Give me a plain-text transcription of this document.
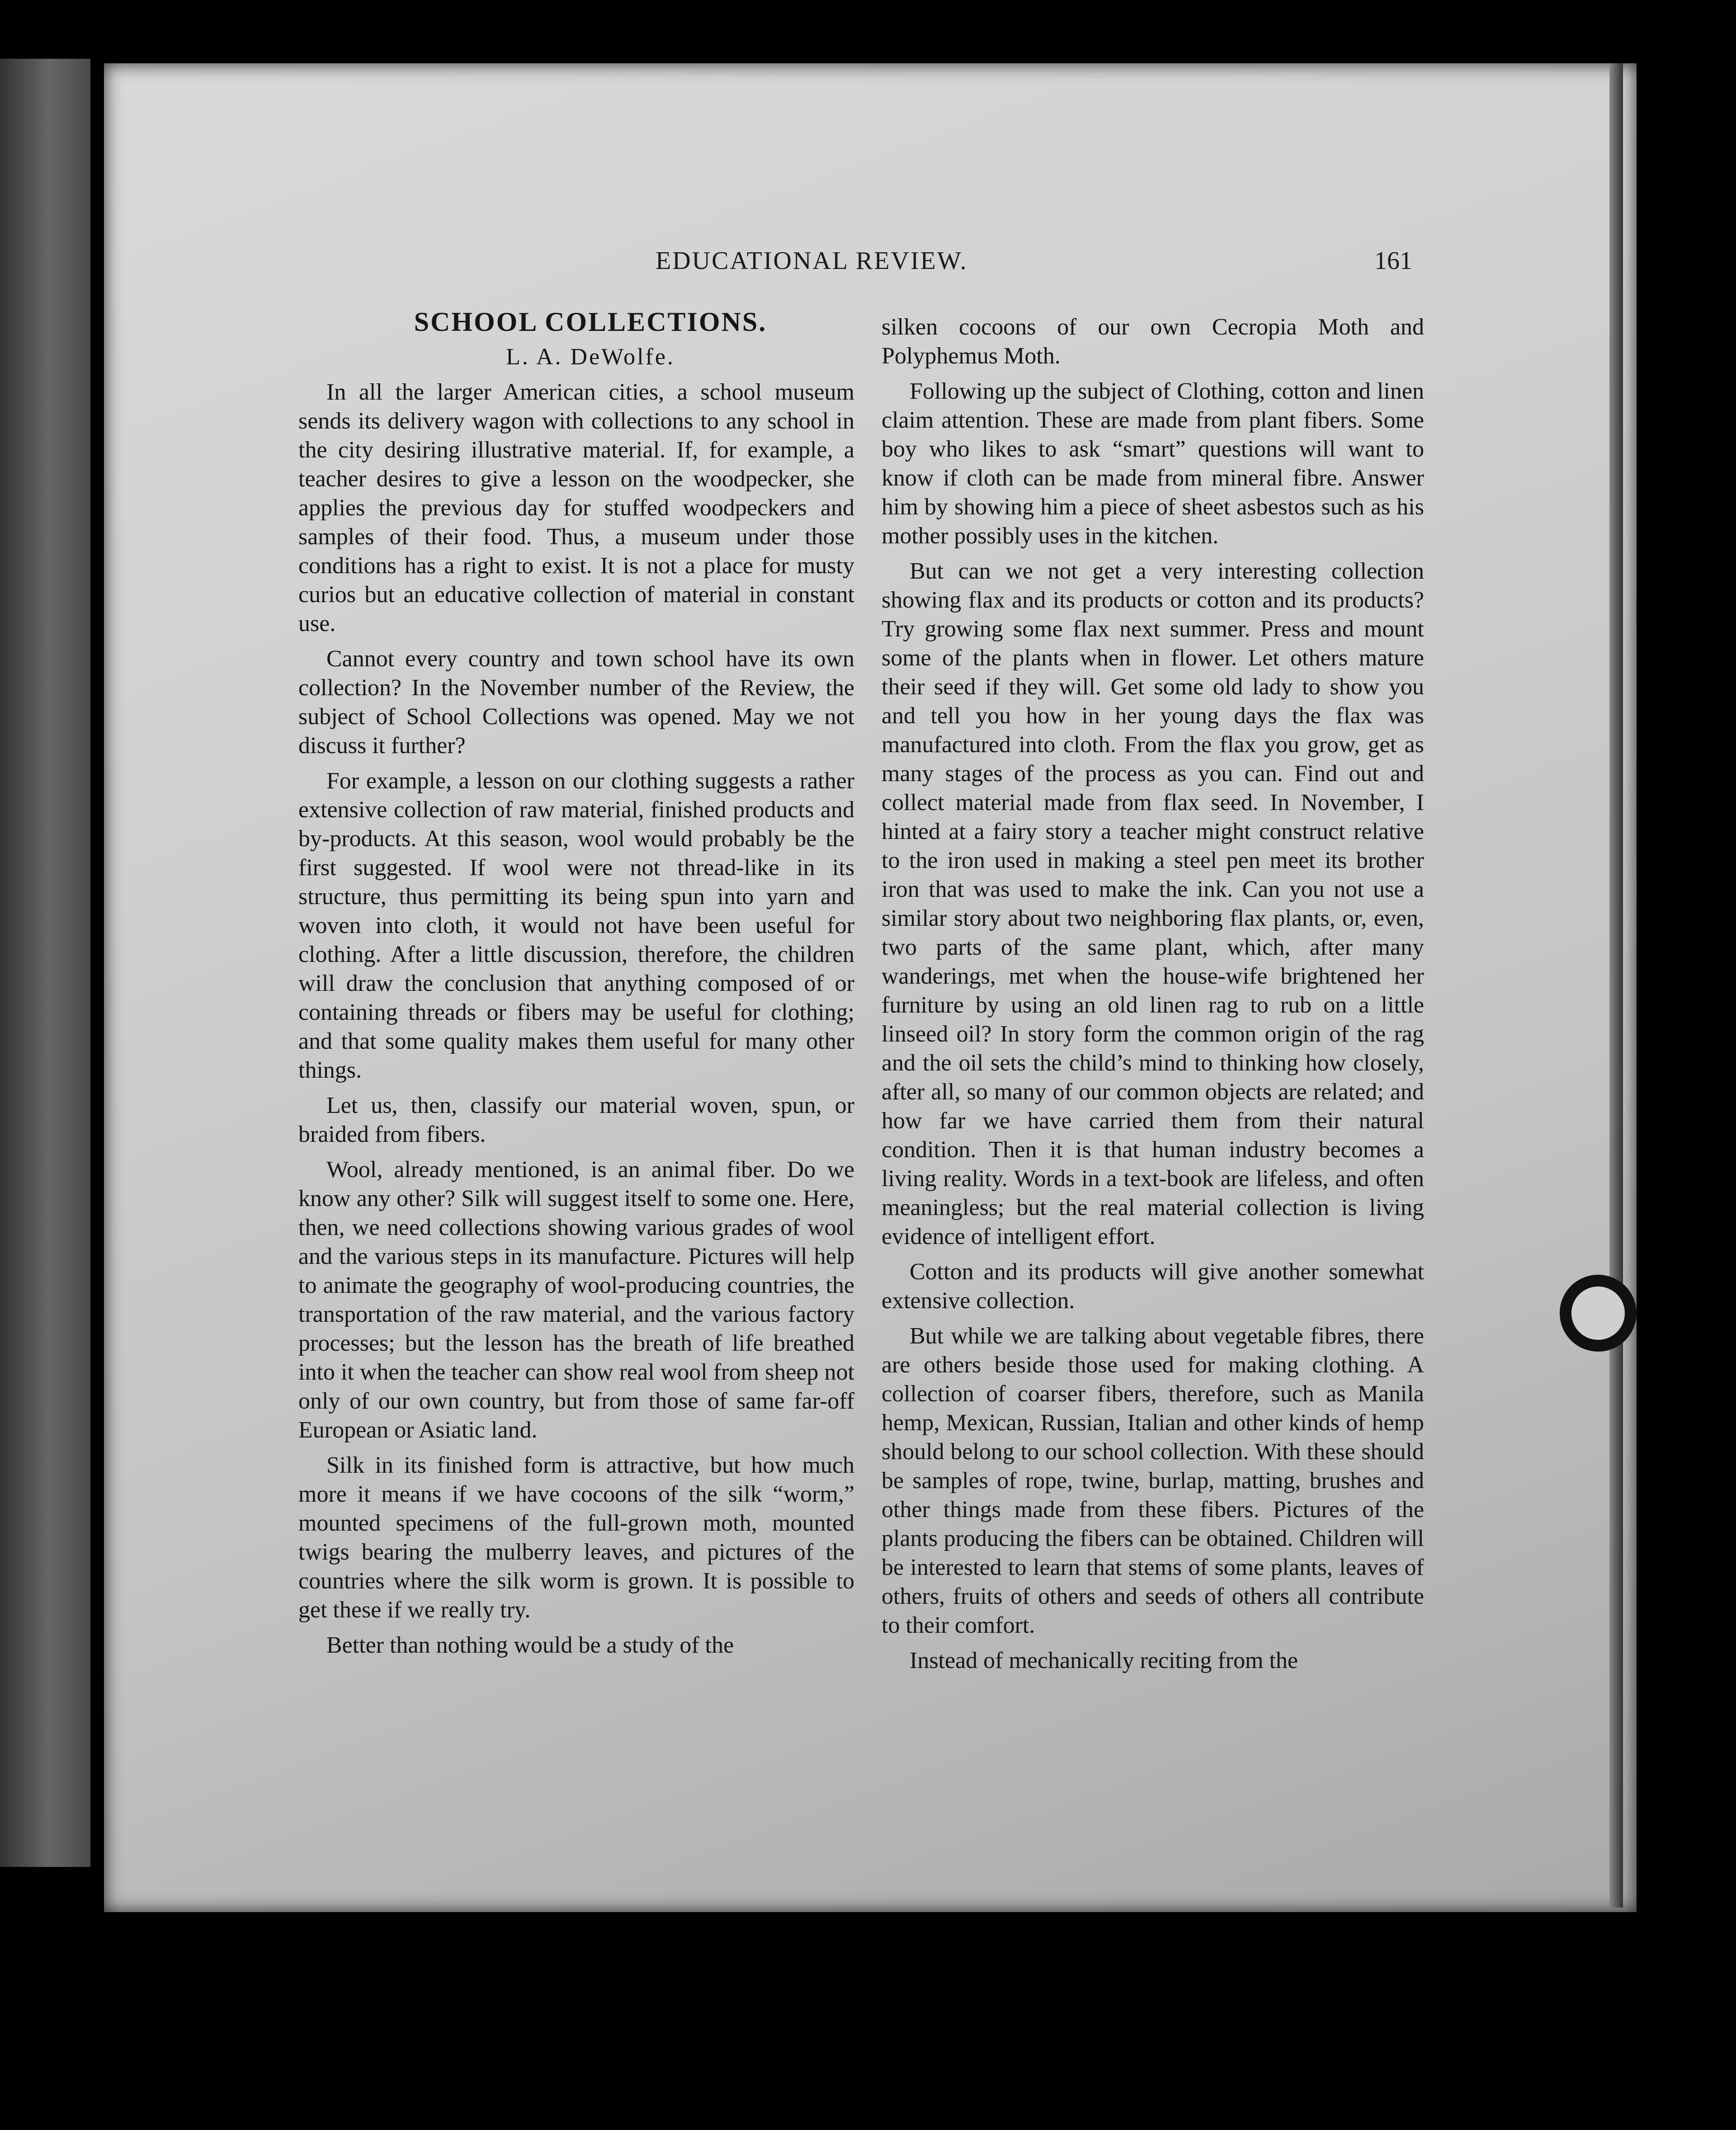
EDUCATIONAL REVIEW.	161

SCHOOL COLLECTIONS.

L. A. DeWolfe.

In all the larger American cities, a school museum sends its delivery wagon with collections to any school in the city desiring illustrative material. If, for example, a teacher desires to give a lesson on the woodpecker, she applies the previous day for stuffed woodpeckers and samples of their food. Thus, a museum under those conditions has a right to exist. It is not a place for musty curios but an educative collection of material in constant use.

Cannot every country and town school have its own collection? In the November number of the Review, the subject of School Collections was opened. May we not discuss it further?

For example, a lesson on our clothing suggests a rather extensive collection of raw material, finished products and by-products. At this season, wool would probably be the first suggested. If wool were not thread-like in its structure, thus permitting its being spun into yarn and woven into cloth, it would not have been useful for clothing. After a little discussion, therefore, the children will draw the conclusion that anything composed of or containing threads or fibers may be useful for clothing; and that some quality makes them useful for many other things.

Let us, then, classify our material woven, spun, or braided from fibers.

Wool, already mentioned, is an animal fiber. Do we know any other? Silk will suggest itself to some one. Here, then, we need collections showing various grades of wool and the various steps in its manufacture. Pictures will help to animate the geography of wool-producing countries, the transportation of the raw material, and the various factory processes; but the lesson has the breath of life breathed into it when the teacher can show real wool from sheep not only of our own country, but from those of same far-off European or Asiatic land.

Silk in its finished form is attractive, but how much more it means if we have cocoons of the silk “worm,” mounted specimens of the full-grown moth, mounted twigs bearing the mulberry leaves, and pictures of the countries where the silk worm is grown. It is possible to get these if we really try.

Better than nothing would be a study of the

silken cocoons of our own Cecropia Moth and Polyphemus Moth.

Following up the subject of Clothing, cotton and linen claim attention. These are made from plant fibers. Some boy who likes to ask “smart” questions will want to know if cloth can be made from mineral fibre. Answer him by showing him a piece of sheet asbestos such as his mother possibly uses in the kitchen.

But can we not get a very interesting collection showing flax and its products or cotton and its products? Try growing some flax next summer. Press and mount some of the plants when in flower. Let others mature their seed if they will. Get some old lady to show you and tell you how in her young days the flax was manufactured into cloth. From the flax you grow, get as many stages of the process as you can. Find out and collect material made from flax seed. In November, I hinted at a fairy story a teacher might construct relative to the iron used in making a steel pen meet its brother iron that was used to make the ink. Can you not use a similar story about two neighboring flax plants, or, even, two parts of the same plant, which, after many wanderings, met when the house-wife brightened her furniture by using an old linen rag to rub on a little linseed oil? In story form the common origin of the rag and the oil sets the child’s mind to thinking how closely, after all, so many of our common objects are related; and how far we have carried them from their natural condition. Then it is that human industry becomes a living reality. Words in a text-book are lifeless, and often meaningless; but the real material collection is living evidence of intelligent effort.

Cotton and its products will give another somewhat extensive collection.

But while we are talking about vegetable fibres, there are others beside those used for making clothing. A collection of coarser fibers, therefore, such as Manila hemp, Mexican, Russian, Italian and other kinds of hemp should belong to our school collection. With these should be samples of rope, twine, burlap, matting, brushes and other things made from these fibers. Pictures of the plants producing the fibers can be obtained. Children will be interested to learn that stems of some plants, leaves of others, fruits of others and seeds of others all contribute to their comfort.

Instead of mechanically reciting from the
